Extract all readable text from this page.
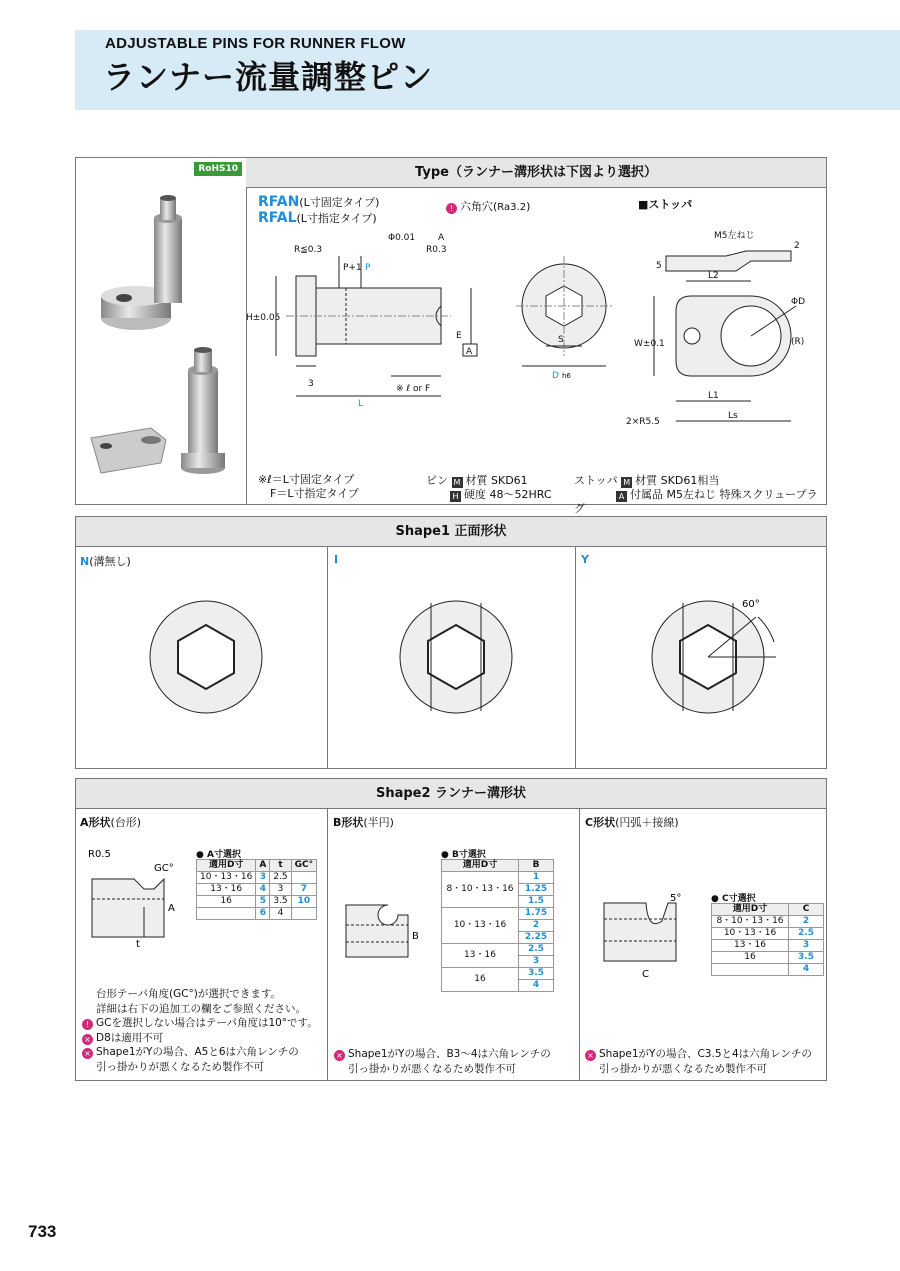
ADJUSTABLE PINS FOR RUNNER FLOW
ランナー流量調整ピン
RoHS10	Type（ランナー溝形状は下図より選択）
RFAN(L寸固定タイプ)
RFAL(L寸指定タイプ)
! 六角穴(Ra3.2)	■ストッパ
R≦0.3	R0.3
Φ0.01	A
H±0.05
3
E
A
※ ℓ or F
L
P+1 P
S
D h6
M5左ねじ
5
2
L2
ΦD
W±0.1	(R)
2×R5.5
L1
Ls
※ℓ＝L寸固定タイプ
F＝L寸指定タイプ
ピン M 材質 SKD61
H 硬度 48〜52HRC
ストッパ M 材質 SKD61相当
A 付属品 M5左ねじ 特殊スクリュープラグ
Shape1 正面形状
N(溝無し)	I	Y
60°
Shape2 ランナー溝形状
A形状(台形)
R0.5
GC°
A
t
● A寸選択
適用D寸	A	t	GC°
10・13・16	3	2.5	
13・16	4	3	7
16	5	3.5	10
	6	4	
台形テーパ角度(GC°)が選択できます。
詳細は右下の追加工の欄をご参照ください。
! GCを選択しない場合はテーパ角度は10°です。
× D8は適用不可
× Shape1がYの場合、A5と6は六角レンチの
引っ掛かりが悪くなるため製作不可
B形状(半円)
B
● B寸選択
適用D寸	B
8・10・13・16	1
	1.25
	1.5
10・13・16	1.75
	2
	2.25
13・16	2.5
	3
16	3.5
	4
× Shape1がYの場合、B3〜4は六角レンチの
引っ掛かりが悪くなるため製作不可
C形状(円弧＋接線)
5°
C
● C寸選択
適用D寸	C
8・10・13・16	2
10・13・16	2.5
13・16	3
16	3.5
	4
× Shape1がYの場合、C3.5と4は六角レンチの
引っ掛かりが悪くなるため製作不可
733
